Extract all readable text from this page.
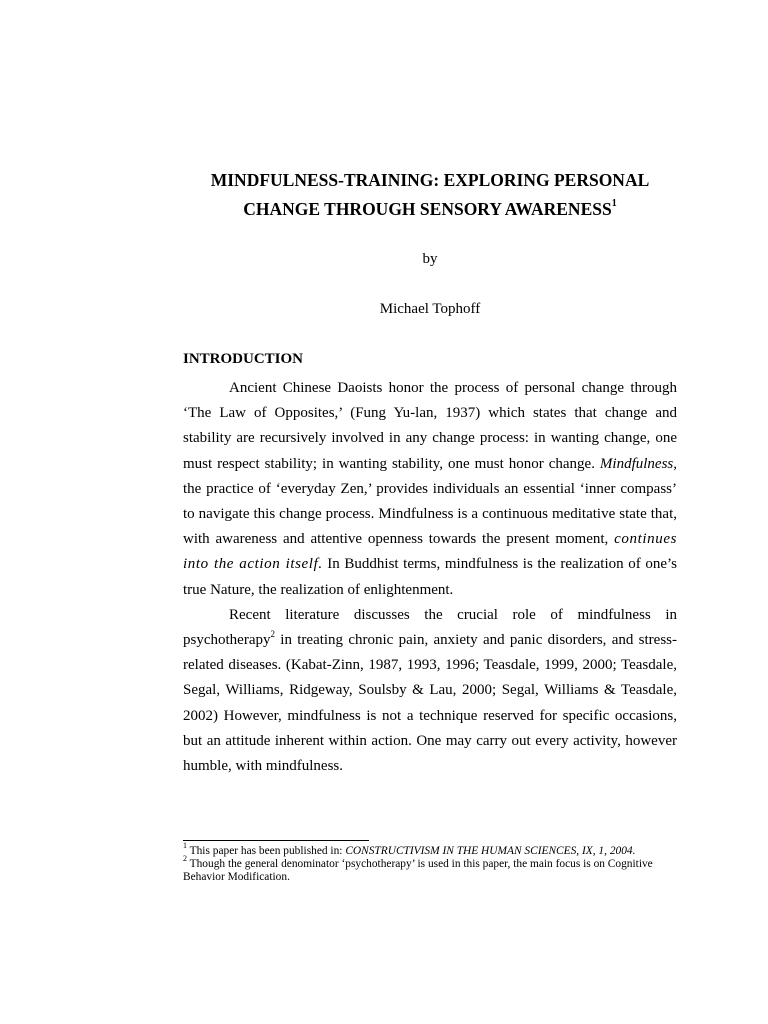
MINDFULNESS-TRAINING: EXPLORING PERSONAL
CHANGE THROUGH SENSORY AWARENESS$^1$
by
Michael Tophoff
INTRODUCTION

Ancient Chinese Daoists honor the process of personal change through ‘The Law of Opposites,’ (Fung Yu-lan, 1937) which states that change and stability are recursively involved in any change process: in wanting change, one must respect stability; in wanting stability, one must honor change. Mindfulness, the practice of ‘everyday Zen,’ provides individuals an essential ‘inner compass’ to navigate this change process. Mindfulness is a continuous meditative state that, with awareness and attentive openness towards the present moment, continues into the action itself. In Buddhist terms, mindfulness is the realization of one’s true Nature, the realization of enlightenment.

Recent literature discusses the crucial role of mindfulness in psychotherapy$^2$ in treating chronic pain, anxiety and panic disorders, and stress-related diseases. (Kabat-Zinn, 1987, 1993, 1996; Teasdale, 1999, 2000; Teasdale, Segal, Williams, Ridgeway, Soulsby & Lau, 2000; Segal, Williams & Teasdale, 2002) However, mindfulness is not a technique reserved for specific occasions, but an attitude inherent within action. One may carry out every activity, however humble, with mindfulness.

$^1$ This paper has been published in: CONSTRUCTIVISM IN THE HUMAN SCIENCES, IX, 1, 2004.

$^2$ Though the general denominator ‘psychotherapy’ is used in this paper, the main focus is on Cognitive Behavior Modification.
